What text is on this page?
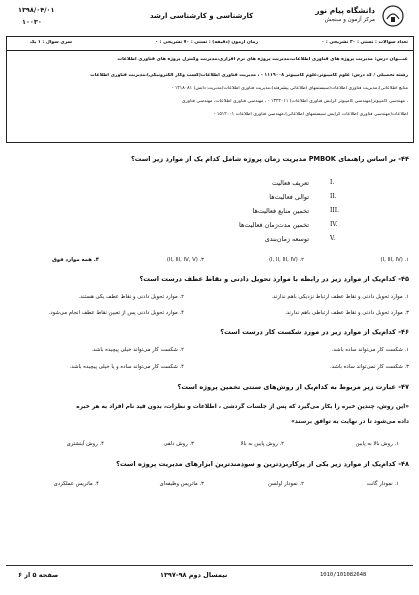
دانشگاه پیام نور
مرکز آزمون و سنجش
کارشناسی و کارشناسی ارشد
۱۳۹۸/۰۴/۰۱
۱۰۰۳۰
تعداد سوالات : تستی : ۳۰ تشریحی : ۰
زمان آزمون (دقیقه) : تستی : ۷۰ تشریحی : ۰
سری سوال : ۱ یک
عنـــوان درس: مدیریت پروژه های فناوری اطلاعات،مدیریت پروژه های نرم افزاری،مدیریت وکنترل پروژه های فناوری اطلاعات
رشته تحصیلی / کد درس: علوم کامپیوتر،علوم کامپیوتر ۱۱۱۹۰۰۸ - ، مدیریت فناوری اطلاعات(کسب وکار الکترونیکی)،مدیریت فناوری اطلاعات
منابع اطلاعاتی)،مدیریت فناوری اطلاعات(سیستمهای اطلاعاتی پیشرفته)،مدیریت فناوری اطلاعات(مدیریت دانش) ۱۲۱۸۰۸۱ -
، مهندسی کامپیوتر(مهندسی کامپیوتر گرایش فناوری اطلاعات) ۱۳۲۲۰۱۱ - ، مهندسی فناوری اطلاعات، مهندسی فناوری
اطلاعات(مهندسی فناوری اطلاعات گرایش سیستمهای اطلاعاتی)،مهندسی فناوری اطلاعات ۱۵۱۲۰۰۱ -
۴۴- بر اساس راهنمای PMBOK مدیریت زمان پروژه شامل کدام یک از موارد زیر است؟
تعریف فعالیت	I.
توالی فعالیت‌ها	II.
تخمین منابع فعالیت‌ها	III.
تخمین مدت‌زمان فعالیت‌ها	IV.
توسعه زمان‌بندی	V.
۱. (I, III, IV)
۲. (I, II, III, IV)
۳. (II, III, IV, V)
۴. همه موارد فوق
۴۵- کدام‌یک از موارد زیر در رابطه با موارد تحویل دادنی و نقاط عطف درست است؟
۱. موارد تحویل دادنی و نقاط عطف ارتباط نزدیکی باهم ندارند.
۲. موارد تحویل دادنی و نقاط عطف یکی هستند.
۳. موارد تحویل دادنی و نقاط عطف ارتباطی باهم ندارند.
۴. موارد تحویل دادنی پس از تعیین نقاط عطف انجام می‌شود.
۴۶- کدام‌یک از موارد زیر در مورد شکست کار درست است؟
۱. شکست کار می‌تواند ساده باشد.
۲. شکست کار می‌تواند خیلی پیچیده باشد.
۳. شکست کار نمی‌تواند ساده باشد.
۴. شکست کار می‌تواند ساده و یا خیلی پیچیده باشد.
۴۷- عبارت زیر مربوط به کدام‌یک از روش‌های سنتی تخمین پروژه است؟
«این روش، چندین خبره را بکار می‌گیرد که پس از جلسات گردشی ، اطلاعات و نظرات، بدون قید نام افراد به هر خبره
داده می‌شود تا در نهایت به توافق برسند»
۱. روش بالا به پایین
۲. روش پایین به بالا
۳. روش دلفی
۴. روش آینشتری
۴۸- کدام‌یک از موارد زیر یکی از پرکاربردترین و سودمندترین ابزارهای مدیریت پروژه است؟
۱. نمودار گانت
۲. نمودار اولسن
۳. ماتریس وظیفه‌ای
۴. ماتریس عملکردی
صفحه ۵ از ۶	نیمسال دوم ۹۸-۱۳۹۷	1010/101082648
